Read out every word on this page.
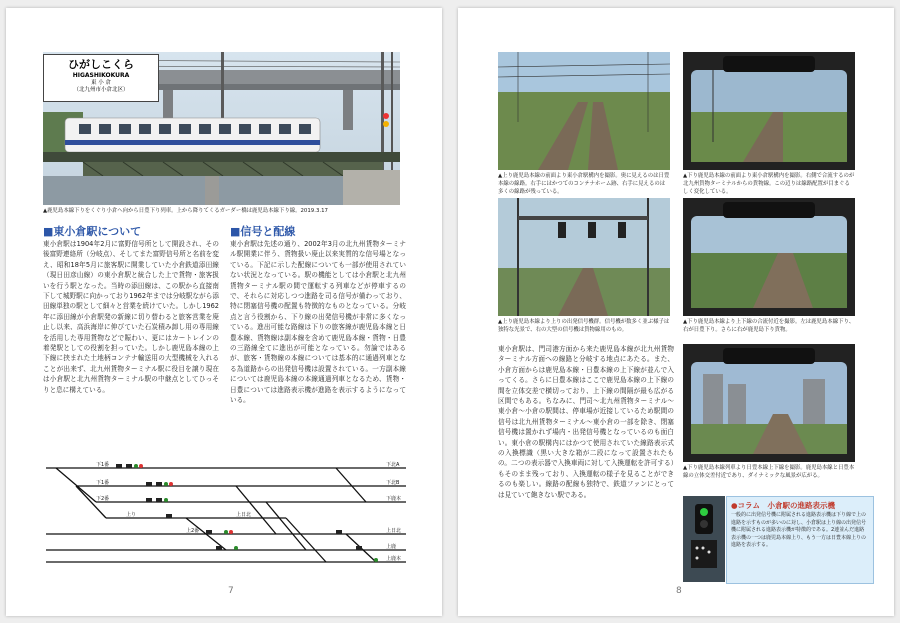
ひがしこくら
HIGASHIKOKURA
東 小 倉
（北九州市小倉北区）
▲鹿児島本線下りをくぐり小倉へ向から日豊下り列車。上から降りてくるガーダー橋は鹿児島本線下り線。2019.3.17
■東小倉駅について
東小倉駅は1904年2月に富野信号所として開設され、その後富野連絡所（分岐点）、そしてまた富野信号所と名前を変え、昭和18年5月に旅客駅に開業していた小倉鉄道添田線（現日田彦山線）の東小倉駅と統合した上で貨物・旅客扱いを行う駅となった。当時の添田線は、この駅から直接南下して城野駅に向かっており1962年までは分岐駅ながら添田線単独の駅として細々と営業を続けていた。しかし1962年に添田線が小倉駅発の新線に切り替わると旅客営業を廃止し以来、高浜海岸に伸びていた石炭積み卸し用の専用線を活用した専用貨物などで賑わい、更にはカートレインの着発駅としての役割を担っていた。しかし鹿児島本線の上下線に挟まれた土地柄コンテナ輸送用の大型機械を入れることが出来ず、北九州貨物ターミナル駅に役目を譲り現在は小倉駅と北九州貨物ターミナル駅の中継点としてひっそりと息に構えている。
■信号と配線
東小倉駅は先述の通り、2002年3月の北九州貨物ターミナル駅開業に伴う、貨物扱い廃止以来実質的な信号場となっている。下記に示した配線についても一部が使用されていない状況となっている。駅の機能としては小倉駅と北九州貨物ターミナル駅の間で運転する列車などが停車するので、それらに対応しつつ進路を司る信号が備わっており、特に閉塞信号機の配置も特徴的なものとなっている。分岐点と言う役割から、下り線の出発信号機が非常に多くなっている。進出可能な路線は下りの旅客線が鹿児島本線と日豊本線、貨物線は副本線を含めて鹿児島本線・貨物・日豊の三路線全てに進出が可能となっている。勿論ではあるが、旅客・貨物線の本線については基本的に通過列車となる為道路からの出発信号機は設置されている。一方副本線については鹿児島本線の本線通過列車となるため、貨物・日豊については進路表示機が進路を表示するようになっている。
下1番
下1番
下2番
上り
下北A
下北B
下鹿本
上日北
上2番	上日北
上鹿
上鹿本
7
▲上り鹿児島本線の前面より東小倉駅構内を撮影。奥に見えるのは日豊本線の線路。右手にはかつてのコンテナホーム跡、右手に見えるのは多くの線路が残っている。
▲下り鹿児島本線の前面より東小倉駅構内を撮影。右側で合流するのが北九州貨物ターミナルからの貨物線。この辺りは線路配置が目まぐるしく変化している。
▲上り鹿児島本線より上りの出発信号機群。信号機が数多く並ぶ様子は独特な光景で、右の大型の信号機は貨物線用のもの。
▲下り鹿児島本線より上下線の合流付近を撮影。左は鹿児島本線下り、右が日豊下り。さらに右が鹿児島下り貨物。
東小倉駅は、門司港方面から来た鹿児島本線が北九州貨物ターミナル方面への線路と分岐する地点にあたる。また、小倉方面からは鹿児島本線・日豊本線の上下線が並んで入ってくる。さらに日豊本線はここで鹿児島本線の上下線の間を立体交差で横切っており、上下線の間隔が最も広がる区間でもある。ちなみに、門司～北九州貨物ターミナル～東小倉～小倉の駅間は、停車場が近接しているため駅間の信号は北九州貨物ターミナル～東小倉の一部を除き、閉塞信号機は置かれず場内・出発信号機となっているのも面白い。東小倉の駅構内にはかつて使用されていた線路表示式の入換標識（黒い大きな箱が二段になって設置されたもの。二つの表示器で入換車両に対して入換運転を許可する）もそのまま残っており、入換運転の様子を見ることができるのも楽しい。線路の配線も独特で、鉄道ファンにとっては見ていて飽きない駅である。
▲下り鹿児島本線列車より日豊本線上下線を撮影。鹿児島本線と日豊本線の立体交差付近であり、ダイナミックな風景が広がる。
●コラム　小倉駅の進路表示機
一般的に出発信号機に附属される進路表示機は下り線で上の進路を示すものが多いのに対し、小倉駅は上り線の出発信号機に附属される進路表示機が特徴的である。2連並んだ進路表示機の一つは鹿児島本線上り、もう一方は日豊本線上りの進路を表示する。
8
